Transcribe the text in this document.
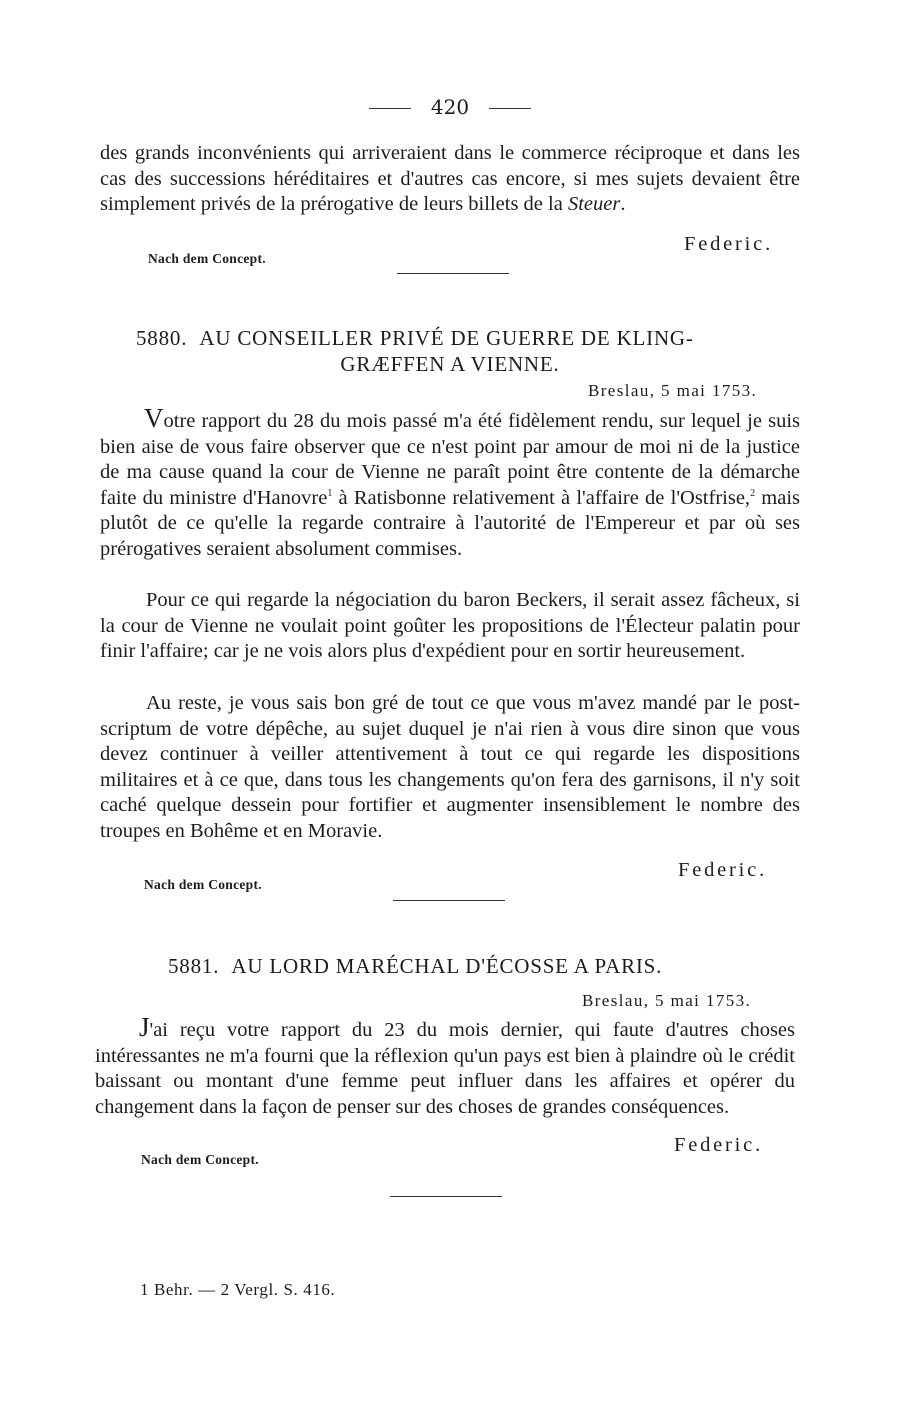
420
des grands inconvénients qui arriveraient dans le commerce réciproque et dans les cas des successions héréditaires et d'autres cas encore, si mes sujets devaient être simplement privés de la prérogative de leurs billets de la Steuer.
Federic.
Nach dem Concept.
5880. AU CONSEILLER PRIVÉ DE GUERRE DE KLING-
GRÆFFEN A VIENNE.
Breslau, 5 mai 1753.
Votre rapport du 28 du mois passé m'a été fidèlement rendu, sur lequel je suis bien aise de vous faire observer que ce n'est point par amour de moi ni de la justice de ma cause quand la cour de Vienne ne paraît point être contente de la démarche faite du ministre d'Hanovre$^1$ à Ratisbonne relativement à l'affaire de l'Ostfrise,$^2$ mais plutôt de ce qu'elle la regarde contraire à l'autorité de l'Empereur et par où ses prérogatives seraient absolument commises.
Pour ce qui regarde la négociation du baron Beckers, il serait assez fâcheux, si la cour de Vienne ne voulait point goûter les propositions de l'Électeur palatin pour finir l'affaire; car je ne vois alors plus d'expédient pour en sortir heureusement.
Au reste, je vous sais bon gré de tout ce que vous m'avez mandé par le post-scriptum de votre dépêche, au sujet duquel je n'ai rien à vous dire sinon que vous devez continuer à veiller attentivement à tout ce qui regarde les dispositions militaires et à ce que, dans tous les changements qu'on fera des garnisons, il n'y soit caché quelque dessein pour fortifier et augmenter insensiblement le nombre des troupes en Bohême et en Moravie.
Federic.
Nach dem Concept.
5881. AU LORD MARÉCHAL D'ÉCOSSE A PARIS.
Breslau, 5 mai 1753.
J'ai reçu votre rapport du 23 du mois dernier, qui faute d'autres choses intéressantes ne m'a fourni que la réflexion qu'un pays est bien à plaindre où le crédit baissant ou montant d'une femme peut influer dans les affaires et opérer du changement dans la façon de penser sur des choses de grandes conséquences.
Federic.
Nach dem Concept.
1 Behr. — 2 Vergl. S. 416.
